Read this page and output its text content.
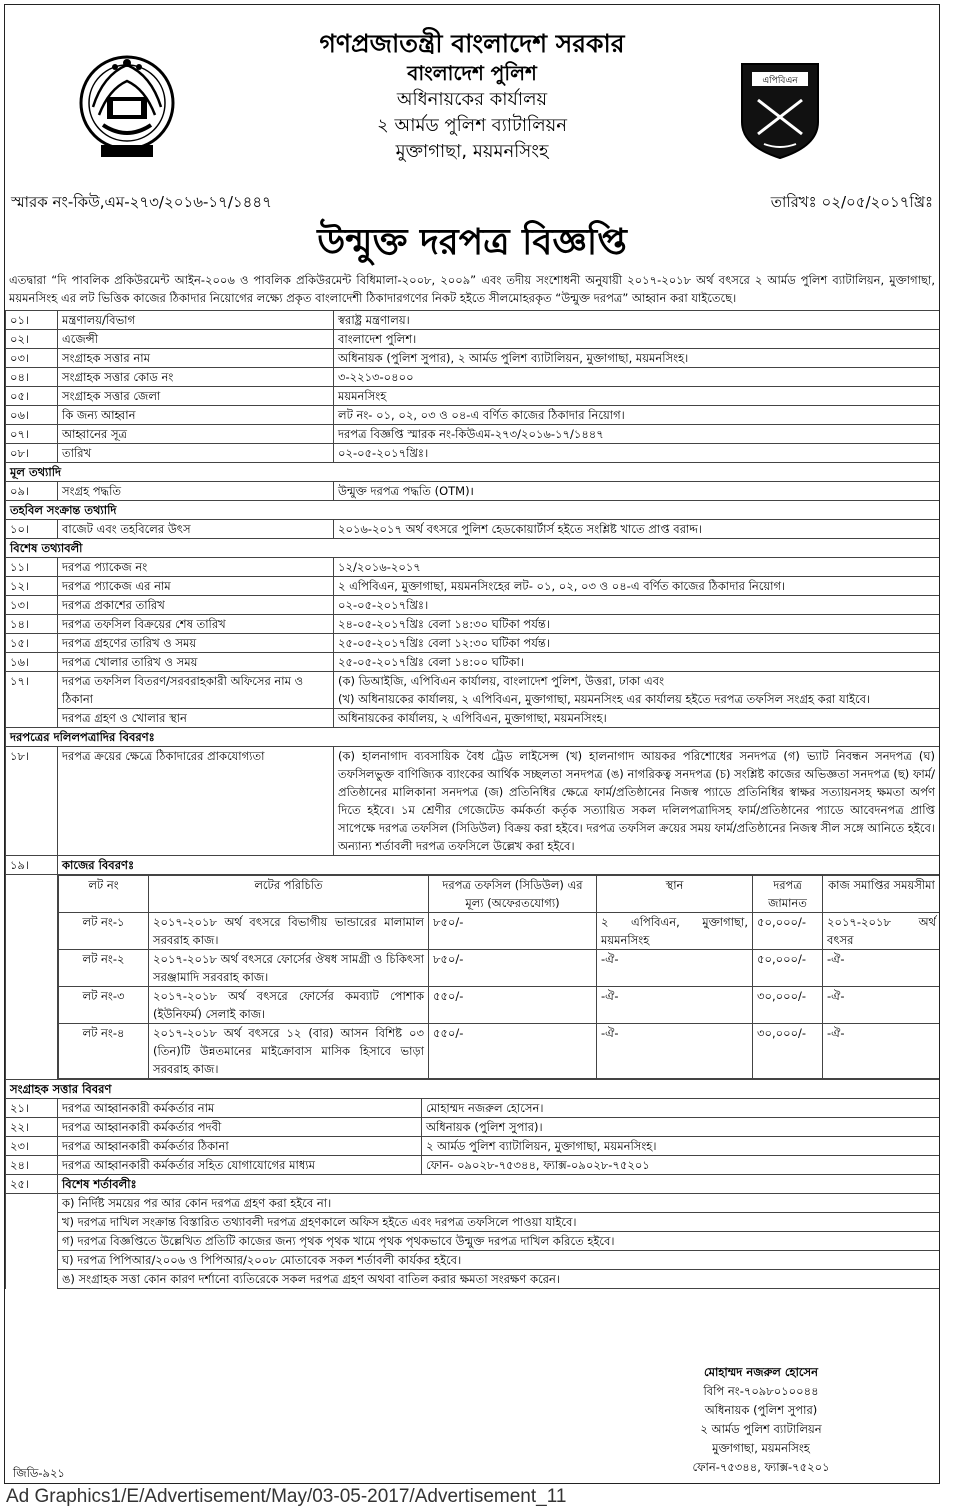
গণপ্রজাতন্ত্রী বাংলাদেশ সরকার
বাংলাদেশ পুলিশ
অধিনায়কের কার্যালয়
২ আর্মড পুলিশ ব্যাটালিয়ন
মুক্তাগাছা, ময়মনসিংহ
এপিবিএন
স্মারক নং-কিউ,এম-২৭৩/২০১৬-১৭/১৪৪৭	তারিখঃ ০২/০৫/২০১৭খ্রিঃ
উন্মুক্ত দরপত্র বিজ্ঞপ্তি
এতদ্বারা “দি পাবলিক প্রকিউরমেন্ট আইন-২০০৬ ও পাবলিক প্রকিউরমেন্ট বিধিমালা-২০০৮, ২০০৯” এবং তদীয় সংশোধনী অনুযায়ী ২০১৭-২০১৮ অর্থ বৎসরে ২ আর্মড পুলিশ ব্যাটালিয়ন, মুক্তাগাছা, ময়মনসিংহ এর লট ভিত্তিক কাজের ঠিকাদার নিয়োগের লক্ষ্যে প্রকৃত বাংলাদেশী ঠিকাদারগণের নিকট হইতে সীলমোহরকৃত “উন্মুক্ত দরপত্র” আহ্বান করা যাইতেছে।
০১।	মন্ত্রণালয়/বিভাগ	স্বরাষ্ট্র মন্ত্রণালয়।
০২।	এজেন্সী	বাংলাদেশ পুলিশ।
০৩।	সংগ্রাহক সত্তার নাম	অধিনায়ক (পুলিশ সুপার), ২ আর্মড পুলিশ ব্যাটালিয়ন, মুক্তাগাছা, ময়মনসিংহ।
০৪।	সংগ্রাহক সত্তার কোড নং	৩-২২১৩-০৪০০
০৫।	সংগ্রাহক সত্তার জেলা	ময়মনসিংহ
০৬।	কি জন্য আহ্বান	লট নং- ০১, ০২, ০৩ ও ০৪-এ বর্ণিত কাজের ঠিকাদার নিয়োগ।
০৭।	আহ্বানের সূত্র	দরপত্র বিজ্ঞপ্তি স্মারক নং-কিউএম-২৭৩/২০১৬-১৭/১৪৪৭
০৮।	তারিখ	০২-০৫-২০১৭খ্রিঃ।
মূল তথ্যাদি
০৯।	সংগ্রহ পদ্ধতি	উন্মুক্ত দরপত্র পদ্ধতি (OTM)।
তহবিল সংক্রান্ত তথ্যাদি
১০।	বাজেট এবং তহবিলের উৎস	২০১৬-২০১৭ অর্থ বৎসরে পুলিশ হেডকোয়ার্টার্স হইতে সংশ্লিষ্ট খাতে প্রাপ্ত বরাদ্দ।
বিশেষ তথ্যাবলী
১১।	দরপত্র প্যাকেজ নং	১২/২০১৬-২০১৭
১২।	দরপত্র প্যাকেজ এর নাম	২ এপিবিএন, মুক্তাগাছা, ময়মনসিংহের লট- ০১, ০২, ০৩ ও ০৪-এ বর্ণিত কাজের ঠিকাদার নিয়োগ।
১৩।	দরপত্র প্রকাশের তারিখ	০২-০৫-২০১৭খ্রিঃ।
১৪।	দরপত্র তফসিল বিক্রয়ের শেষ তারিখ	২৪-০৫-২০১৭খ্রিঃ বেলা ১৪:৩০ ঘটিকা পর্যন্ত।
১৫।	দরপত্র গ্রহণের তারিখ ও সময়	২৫-০৫-২০১৭খ্রিঃ বেলা ১২:৩০ ঘটিকা পর্যন্ত।
১৬।	দরপত্র খোলার তারিখ ও সময়	২৫-০৫-২০১৭খ্রিঃ বেলা ১৪:০০ ঘটিকা।
১৭।	দরপত্র তফসিল বিতরণ/সরবরাহকারী অফিসের নাম ও ঠিকানা	
(ক) ডিআইজি, এপিবিএন কার্যালয়, বাংলাদেশ পুলিশ, উত্তরা, ঢাকা এবং
(খ) অধিনায়কের কার্যালয়, ২ এপিবিএন, মুক্তাগাছা, ময়মনসিংহ এর কার্যালয় হইতে দরপত্র তফসিল সংগ্রহ করা যাইবে।

দরপত্র গ্রহণ ও খোলার স্থান	অধিনায়কের কার্যালয়, ২ এপিবিএন, মুক্তাগাছা, ময়মনসিংহ।
দরপত্রের দলিলপত্রাদির বিবরণঃ
১৮।	দরপত্র ক্রয়ের ক্ষেত্রে ঠিকাদারের প্রাকযোগ্যতা	(ক) হালনাগাদ ব্যবসায়িক বৈধ ট্রেড লাইসেন্স (খ) হালনাগাদ আয়কর পরিশোধের সনদপত্র (গ) ভ্যাট নিবন্ধন সনদপত্র (ঘ) তফসিলভুক্ত বাণিজ্যিক ব্যাংকের আর্থিক সচ্ছলতা সনদপত্র (ঙ) নাগরিকত্ব সনদপত্র (চ) সংশ্লিষ্ট কাজের অভিজ্ঞতা সনদপত্র (ছ) ফার্ম/প্রতিষ্ঠানের মালিকানা সনদপত্র (জ) প্রতিনিধির ক্ষেত্রে ফার্ম/প্রতিষ্ঠানের নিজস্ব প্যাডে প্রতিনিধির স্বাক্ষর সত্যায়নসহ ক্ষমতা অর্পণ দিতে হইবে। ১ম শ্রেণীর গেজেটেড কর্মকর্তা কর্তৃক সত্যায়িত সকল দলিলপত্রাদিসহ ফার্ম/প্রতিষ্ঠানের প্যাডে আবেদনপত্র প্রাপ্তি সাপেক্ষে দরপত্র তফসিল (সিডিউল) বিক্রয় করা হইবে। দরপত্র তফসিল ক্রয়ের সময় ফার্ম/প্রতিষ্ঠানের নিজস্ব সীল সঙ্গে আনিতে হইবে। অন্যান্য শর্তাবলী দরপত্র তফসিলে উল্লেখ করা হইবে।
১৯।	কাজের বিবরণঃ

লট নং	লটের পরিচিতি	দরপত্র তফসিল (সিডিউল) এর মূল্য (অফেরতযোগ্য)	স্থান	দরপত্র জামানত	কাজ সমাপ্তির সময়সীমা
লট নং-১	২০১৭-২০১৮ অর্থ বৎসরে বিভাগীয় ভান্ডারের মালামাল সরবরাহ কাজ।	৮৫০/-	২ এপিবিএন, মুক্তাগাছা, ময়মনসিংহ	৫০,০০০/-	২০১৭-২০১৮ অর্থ বৎসর
লট নং-২	২০১৭-২০১৮ অর্থ বৎসরে ফোর্সের ঔষধ সামগ্রী ও চিকিৎসা সরঞ্জামাদি সরবরাহ কাজ।	৮৫০/-	-ঐ-	৫০,০০০/-	-ঐ-
লট নং-৩	২০১৭-২০১৮ অর্থ বৎসরে ফোর্সের কমব্যাট পোশাক (ইউনিফর্ম) সেলাই কাজ।	৫৫০/-	-ঐ-	৩০,০০০/-	-ঐ-
লট নং-৪	২০১৭-২০১৮ অর্থ বৎসরে ১২ (বার) আসন বিশিষ্ট ০৩ (তিন)টি উন্নতমানের মাইক্রোবাস মাসিক হিসাবে ভাড়া সরবরাহ কাজ।	৫৫০/-	-ঐ-	৩০,০০০/-	-ঐ-

সংগ্রাহক সত্তার বিবরণ
২১।	দরপত্র আহ্বানকারী কর্মকর্তার নাম	মোহাম্মদ নজরুল হোসেন।
২২।	দরপত্র আহ্বানকারী কর্মকর্তার পদবী	অধিনায়ক (পুলিশ সুপার)।
২৩।	দরপত্র আহ্বানকারী কর্মকর্তার ঠিকানা	২ আর্মড পুলিশ ব্যাটালিয়ন, মুক্তাগাছা, ময়মনসিংহ।
২৪।	দরপত্র আহ্বানকারী কর্মকর্তার সহিত যোগাযোগের মাধ্যম	ফোন- ০৯০২৮-৭৫৩৪৪, ফ্যাক্স-০৯০২৮-৭৫২০১
২৫।	বিশেষ শর্তাবলীঃ
	ক) নির্দিষ্ট সময়ের পর আর কোন দরপত্র গ্রহণ করা হইবে না।
	খ) দরপত্র দাখিল সংক্রান্ত বিস্তারিত তথ্যাবলী দরপত্র গ্রহণকালে অফিস হইতে এবং দরপত্র তফসিলে পাওয়া যাইবে।
	গ) দরপত্র বিজ্ঞপ্তিতে উল্লেখিত প্রতিটি কাজের জন্য পৃথক পৃথক খামে পৃথক পৃথকভাবে উন্মুক্ত দরপত্র দাখিল করিতে হইবে।
	ঘ) দরপত্র পিপিআর/২০০৬ ও পিপিআর/২০০৮ মোতাবেক সকল শর্তাবলী কার্যকর হইবে।
	ঙ) সংগ্রাহক সত্তা কোন কারণ দর্শানো ব্যতিরেকে সকল দরপত্র গ্রহণ অথবা বাতিল করার ক্ষমতা সংরক্ষণ করেন।
মোহাম্মদ নজরুল হোসেন
বিপি নং-৭০৯৮০১০০৪৪
অধিনায়ক (পুলিশ সুপার)
২ আর্মড পুলিশ ব্যাটালিয়ন
মুক্তাগাছা, ময়মনসিংহ
ফোন-৭৫৩৪৪, ফ্যাক্স-৭৫২০১
জিডি-৯২১
Ad Graphics1/E/Advertisement/May/03-05-2017/Advertisement_11
